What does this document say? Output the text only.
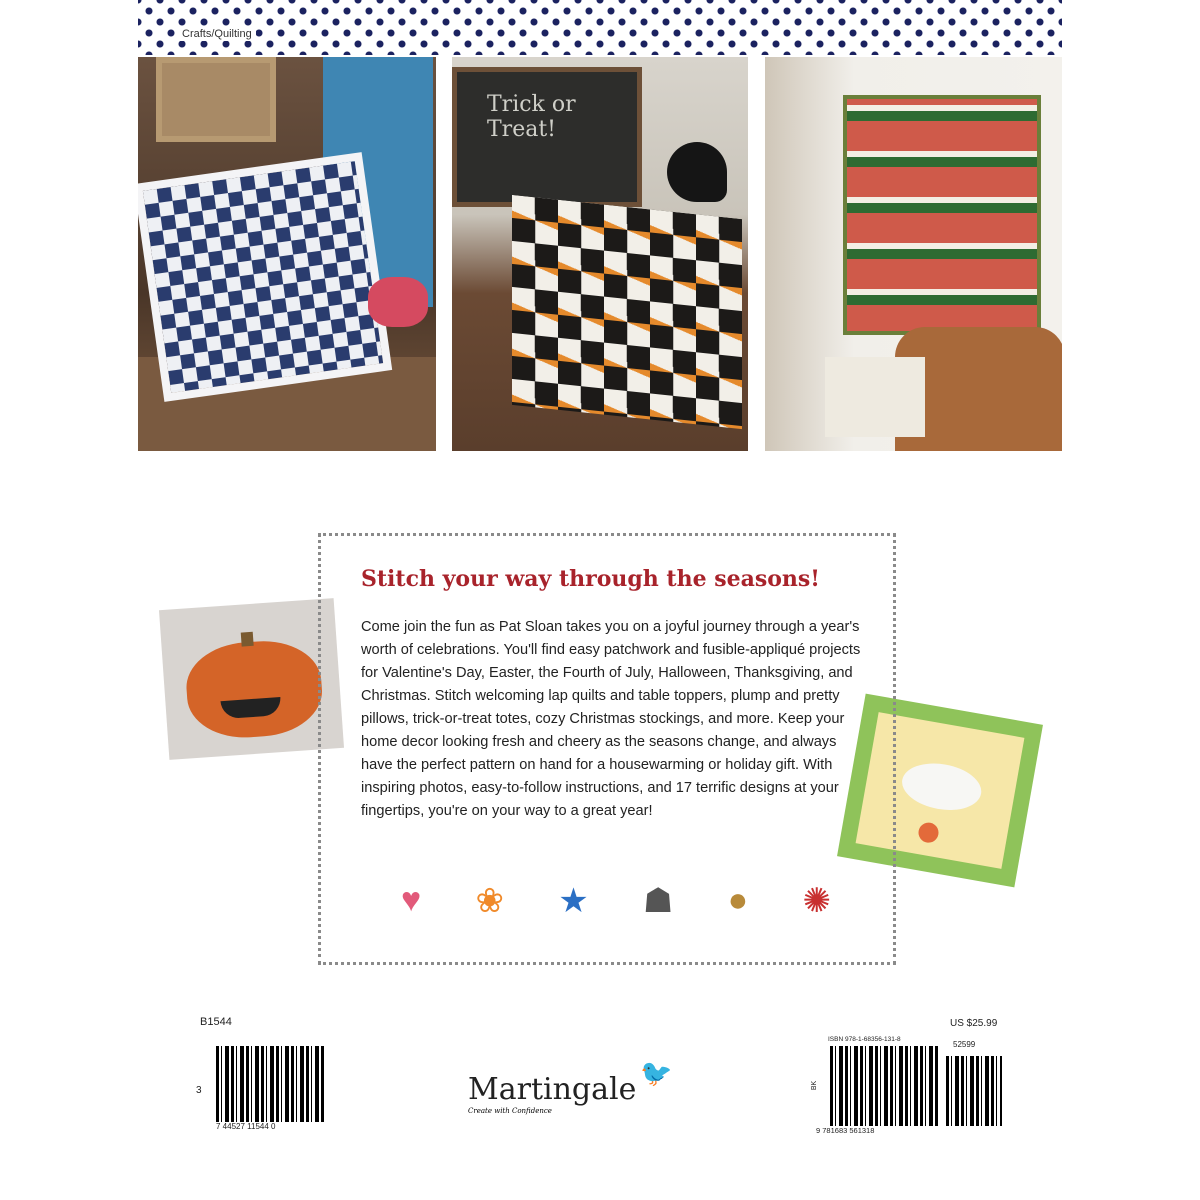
Crafts/Quilting
Trick or Treat!
Stitch your way through the seasons!

Come join the fun as Pat Sloan takes you on a joyful journey through a year's worth of celebrations. You'll find easy patchwork and fusible-appliqué projects for Valentine's Day, Easter, the Fourth of July, Halloween, Thanksgiving, and Christmas. Stitch welcoming lap quilts and table toppers, plump and pretty pillows, trick-or-treat totes, cozy Christmas stockings, and more. Keep your home decor looking fresh and cheery as the seasons change, and always have the perfect pattern on hand for a housewarming or holiday gift. With inspiring photos, easy-to-follow instructions, and 17 terrific designs at your fingertips, you're on your way to a great year!

♥ ❀ ★ ☗ ● ✺
B1544
3
7 44527 11544 0
Martingale 🐦
Create with Confidence
US $25.99
ISBN 978-1-68356-131-8
52599
BK
9 781683 561318
